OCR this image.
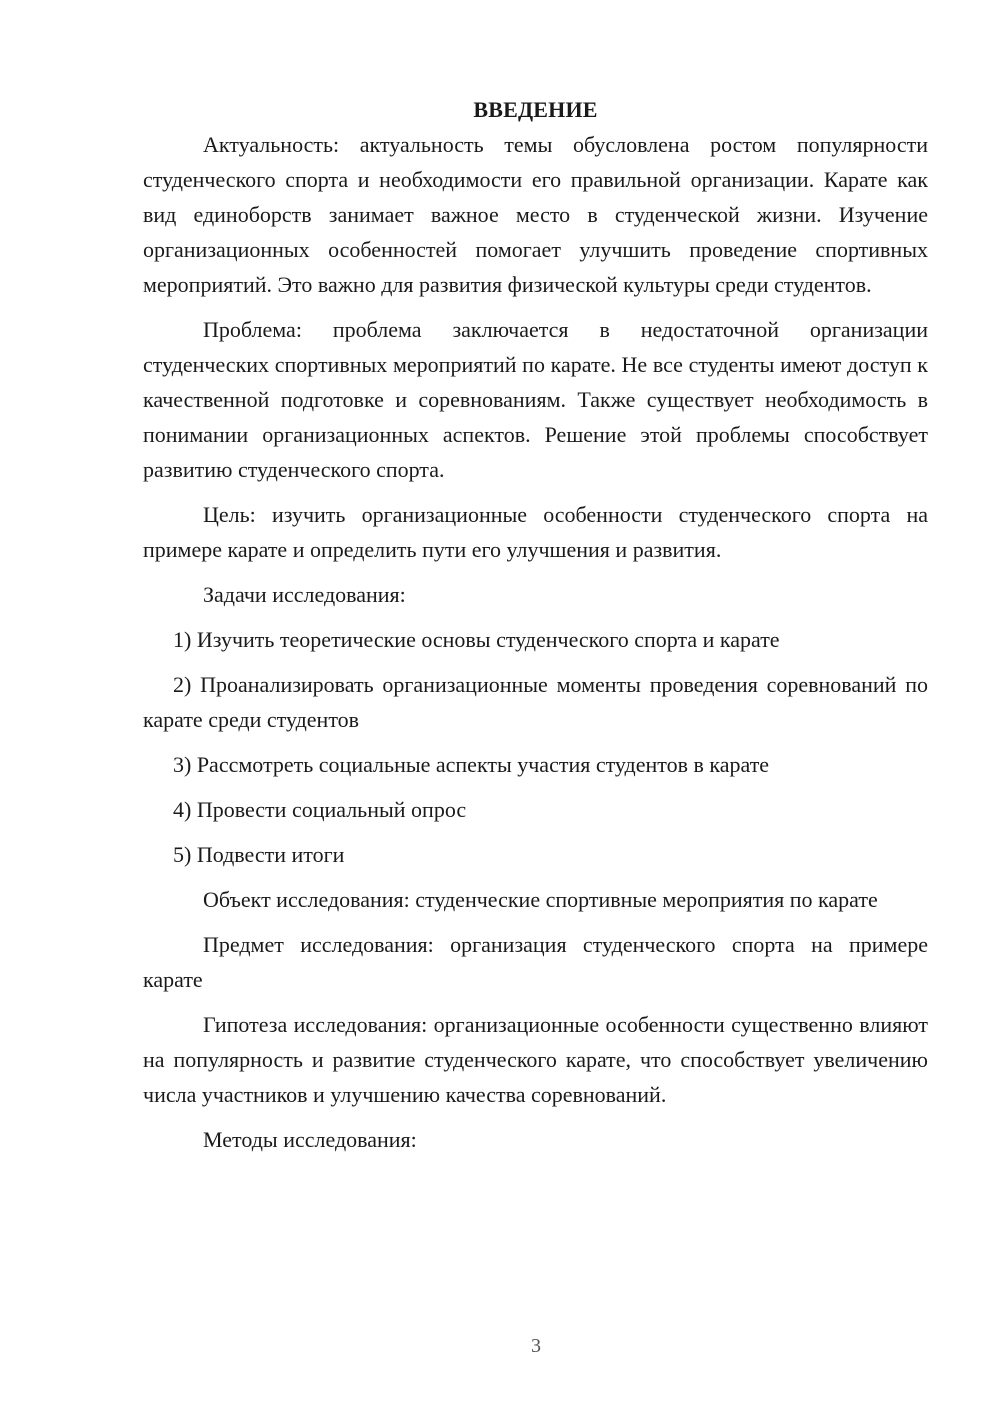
ВВЕДЕНИЕ

Актуальность: актуальность темы обусловлена ростом популярности студенческого спорта и необходимости его правильной организации. Карате как вид единоборств занимает важное место в студенческой жизни. Изучение организационных особенностей помогает улучшить проведение спортивных мероприятий. Это важно для развития физической культуры среди студентов.

Проблема: проблема заключается в недостаточной организации студенческих спортивных мероприятий по карате. Не все студенты имеют доступ к качественной подготовке и соревнованиям. Также существует необходимость в понимании организационных аспектов. Решение этой проблемы способствует развитию студенческого спорта.

Цель: изучить организационные особенности студенческого спорта на примере карате и определить пути его улучшения и развития.

Задачи исследования:

1) Изучить теоретические основы студенческого спорта и карате

2) Проанализировать организационные моменты проведения соревнований по карате среди студентов

3) Рассмотреть социальные аспекты участия студентов в карате

4) Провести социальный опрос

5) Подвести итоги

Объект исследования: студенческие спортивные мероприятия по карате

Предмет исследования: организация студенческого спорта на примере карате

Гипотеза исследования: организационные особенности существенно влияют на популярность и развитие студенческого карате, что способствует увеличению числа участников и улучшению качества соревнований.

Методы исследования:

3
